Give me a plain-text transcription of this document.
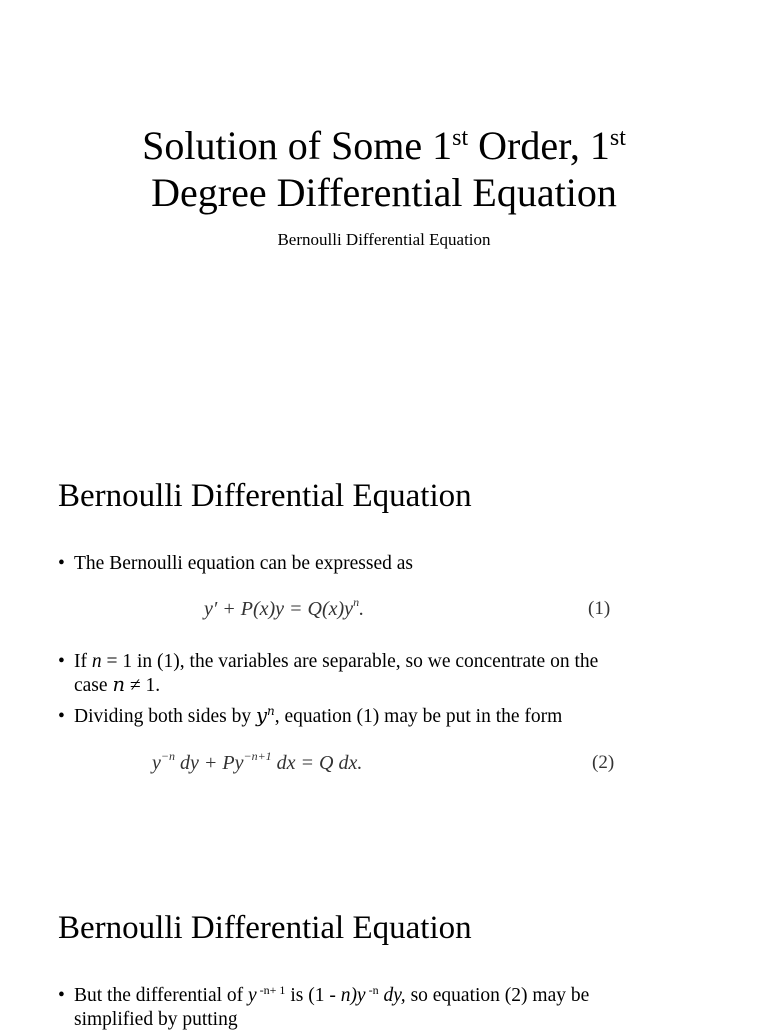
Solution of Some 1st Order, 1st
Degree Differential Equation

Bernoulli Differential Equation

Bernoulli Differential Equation
• The Bernoulli equation can be expressed as
$y' + P(x)y = Q(x)y^n$.	(1)
• If n = 1 in (1), the variables are separable, so we concentrate on the
case 𝑛 ≠ 1.
• Dividing both sides by 𝑦$^𝑛$, equation (1) may be put in the form
$y^{-n}$ dy + $Py^{-n+1}$ dx = Q dx.	(2)
Bernoulli Differential Equation
• But the differential of y $^{-n+ 1}$ is (1 - n)y $^{-n}$ dy, so equation (2) may be
simplified by putting
